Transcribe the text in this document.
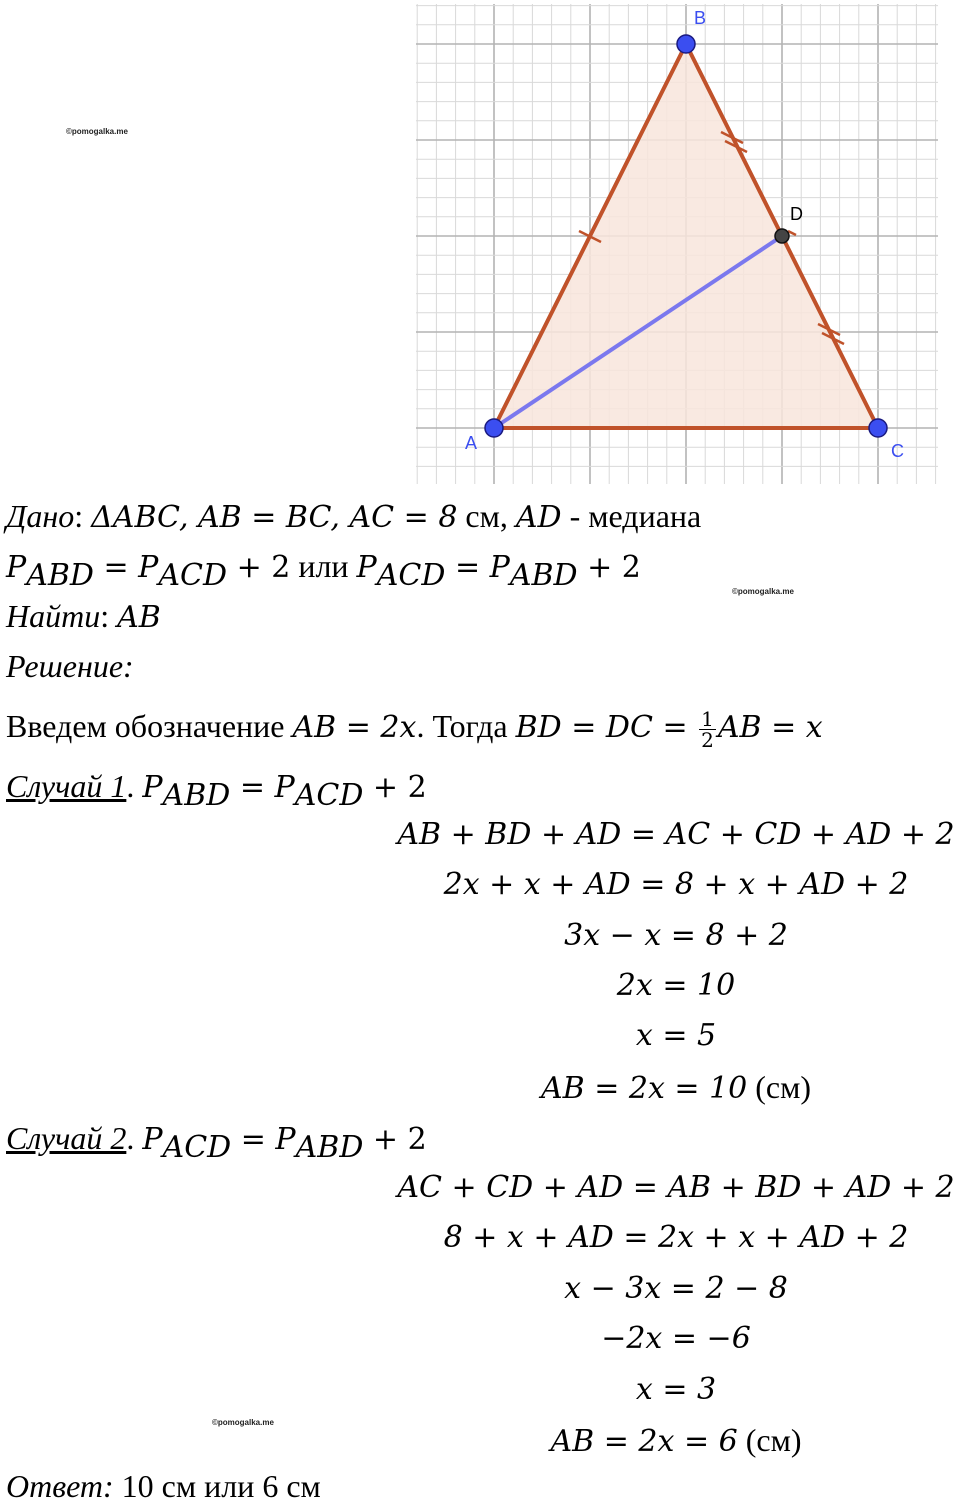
©pomogalka.me
©pomogalka.me
©pomogalka.me
A
B
C
D
Дано: ΔABC, AB = BC, AC = 8 см, AD - медиана
$P_{ABD} = P_{ACD} + 2$ или $P_{ACD} = P_{ABD} + 2$
Найти: AB
Решение:
Введем обозначение AB = 2x. Тогда BD = DC = $\frac{1}{2}$ AB = x
Случай 1. $P_{ABD} = P_{ACD} + 2$
AB + BD + AD = AC + CD + AD + 2
2x + x + AD = 8 + x + AD + 2
3x − x = 8 + 2
2x = 10
x = 5
AB = 2x = 10 (см)
Случай 2. $P_{ACD} = P_{ABD} + 2$
AC + CD + AD = AB + BD + AD + 2
8 + x + AD = 2x + x + AD + 2
x − 3x = 2 − 8
−2x = −6
x = 3
AB = 2x = 6 (см)
Ответ: 10 см или 6 см
